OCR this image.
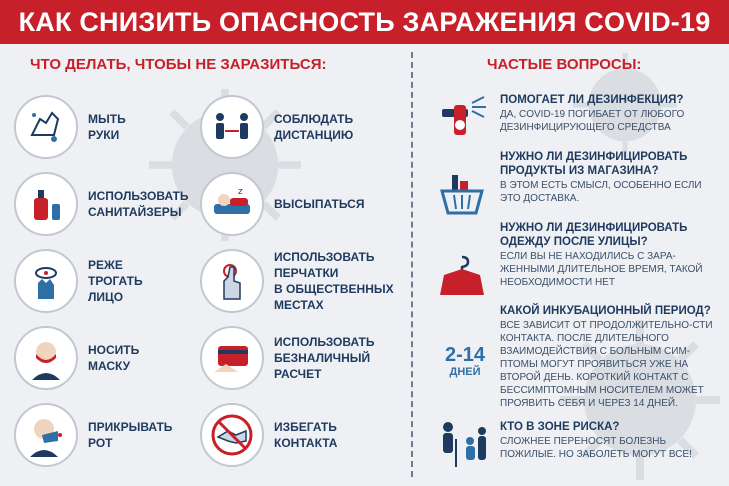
КАК СНИЗИТЬ ОПАСНОСТЬ ЗАРАЖЕНИЯ COVID-19
ЧТО ДЕЛАТЬ, ЧТОБЫ НЕ ЗАРАЗИТЬСЯ:	ЧАСТЫЕ ВОПРОСЫ:
МЫТЬ
РУКИ
ИСПОЛЬЗОВАТЬ
САНИТАЙЗЕРЫ
РЕЖЕ
ТРОГАТЬ
ЛИЦО
НОСИТЬ
МАСКУ
ПРИКРЫВАТЬ
РОТ
СОБЛЮДАТЬ
ДИСТАНЦИЮ
z
ВЫСЫПАТЬСЯ
ИСПОЛЬЗОВАТЬ
ПЕРЧАТКИ
В ОБЩЕСТВЕННЫХ
МЕСТАХ
ИСПОЛЬЗОВАТЬ
БЕЗНАЛИЧНЫЙ
РАСЧЕТ
ИЗБЕГАТЬ
КОНТАКТА
2-14
ДНЕЙ
ПОМОГАЕТ ЛИ ДЕЗИНФЕКЦИЯ?
ДА, COVID-19 ПОГИБАЕТ ОТ ЛЮБОГО ДЕЗИНФИЦИРУЮЩЕГО СРЕДСТВА
НУЖНО ЛИ ДЕЗИНФИЦИРОВАТЬ ПРОДУКТЫ ИЗ МАГАЗИНА?
В ЭТОМ ЕСТЬ СМЫСЛ, ОСОБЕННО ЕСЛИ ЭТО ДОСТАВКА.
НУЖНО ЛИ ДЕЗИНФИЦИРОВАТЬ ОДЕЖДУ ПОСЛЕ УЛИЦЫ?
ЕСЛИ ВЫ НЕ НАХОДИЛИСЬ С ЗАРА-ЖЕННЫМИ ДЛИТЕЛЬНОЕ ВРЕМЯ, ТАКОЙ НЕОБХОДИМОСТИ НЕТ
КАКОЙ ИНКУБАЦИОННЫЙ ПЕРИОД?
ВСЕ ЗАВИСИТ ОТ ПРОДОЛЖИТЕЛЬНО-СТИ КОНТАКТА. ПОСЛЕ ДЛИТЕЛЬНОГО ВЗАИМОДЕЙСТВИЯ С БОЛЬНЫМ СИМ-ПТОМЫ МОГУТ ПРОЯВИТЬСЯ УЖЕ НА ВТОРОЙ ДЕНЬ. КОРОТКИЙ КОНТАКТ С БЕССИМПТОМНЫМ НОСИТЕЛЕМ МОЖЕТ ПРОЯВИТЬ СЕБЯ И ЧЕРЕЗ 14 ДНЕЙ.
КТО В ЗОНЕ РИСКА?
СЛОЖНЕЕ ПЕРЕНОСЯТ БОЛЕЗНЬ ПОЖИЛЫЕ. НО ЗАБОЛЕТЬ МОГУТ ВСЕ!
